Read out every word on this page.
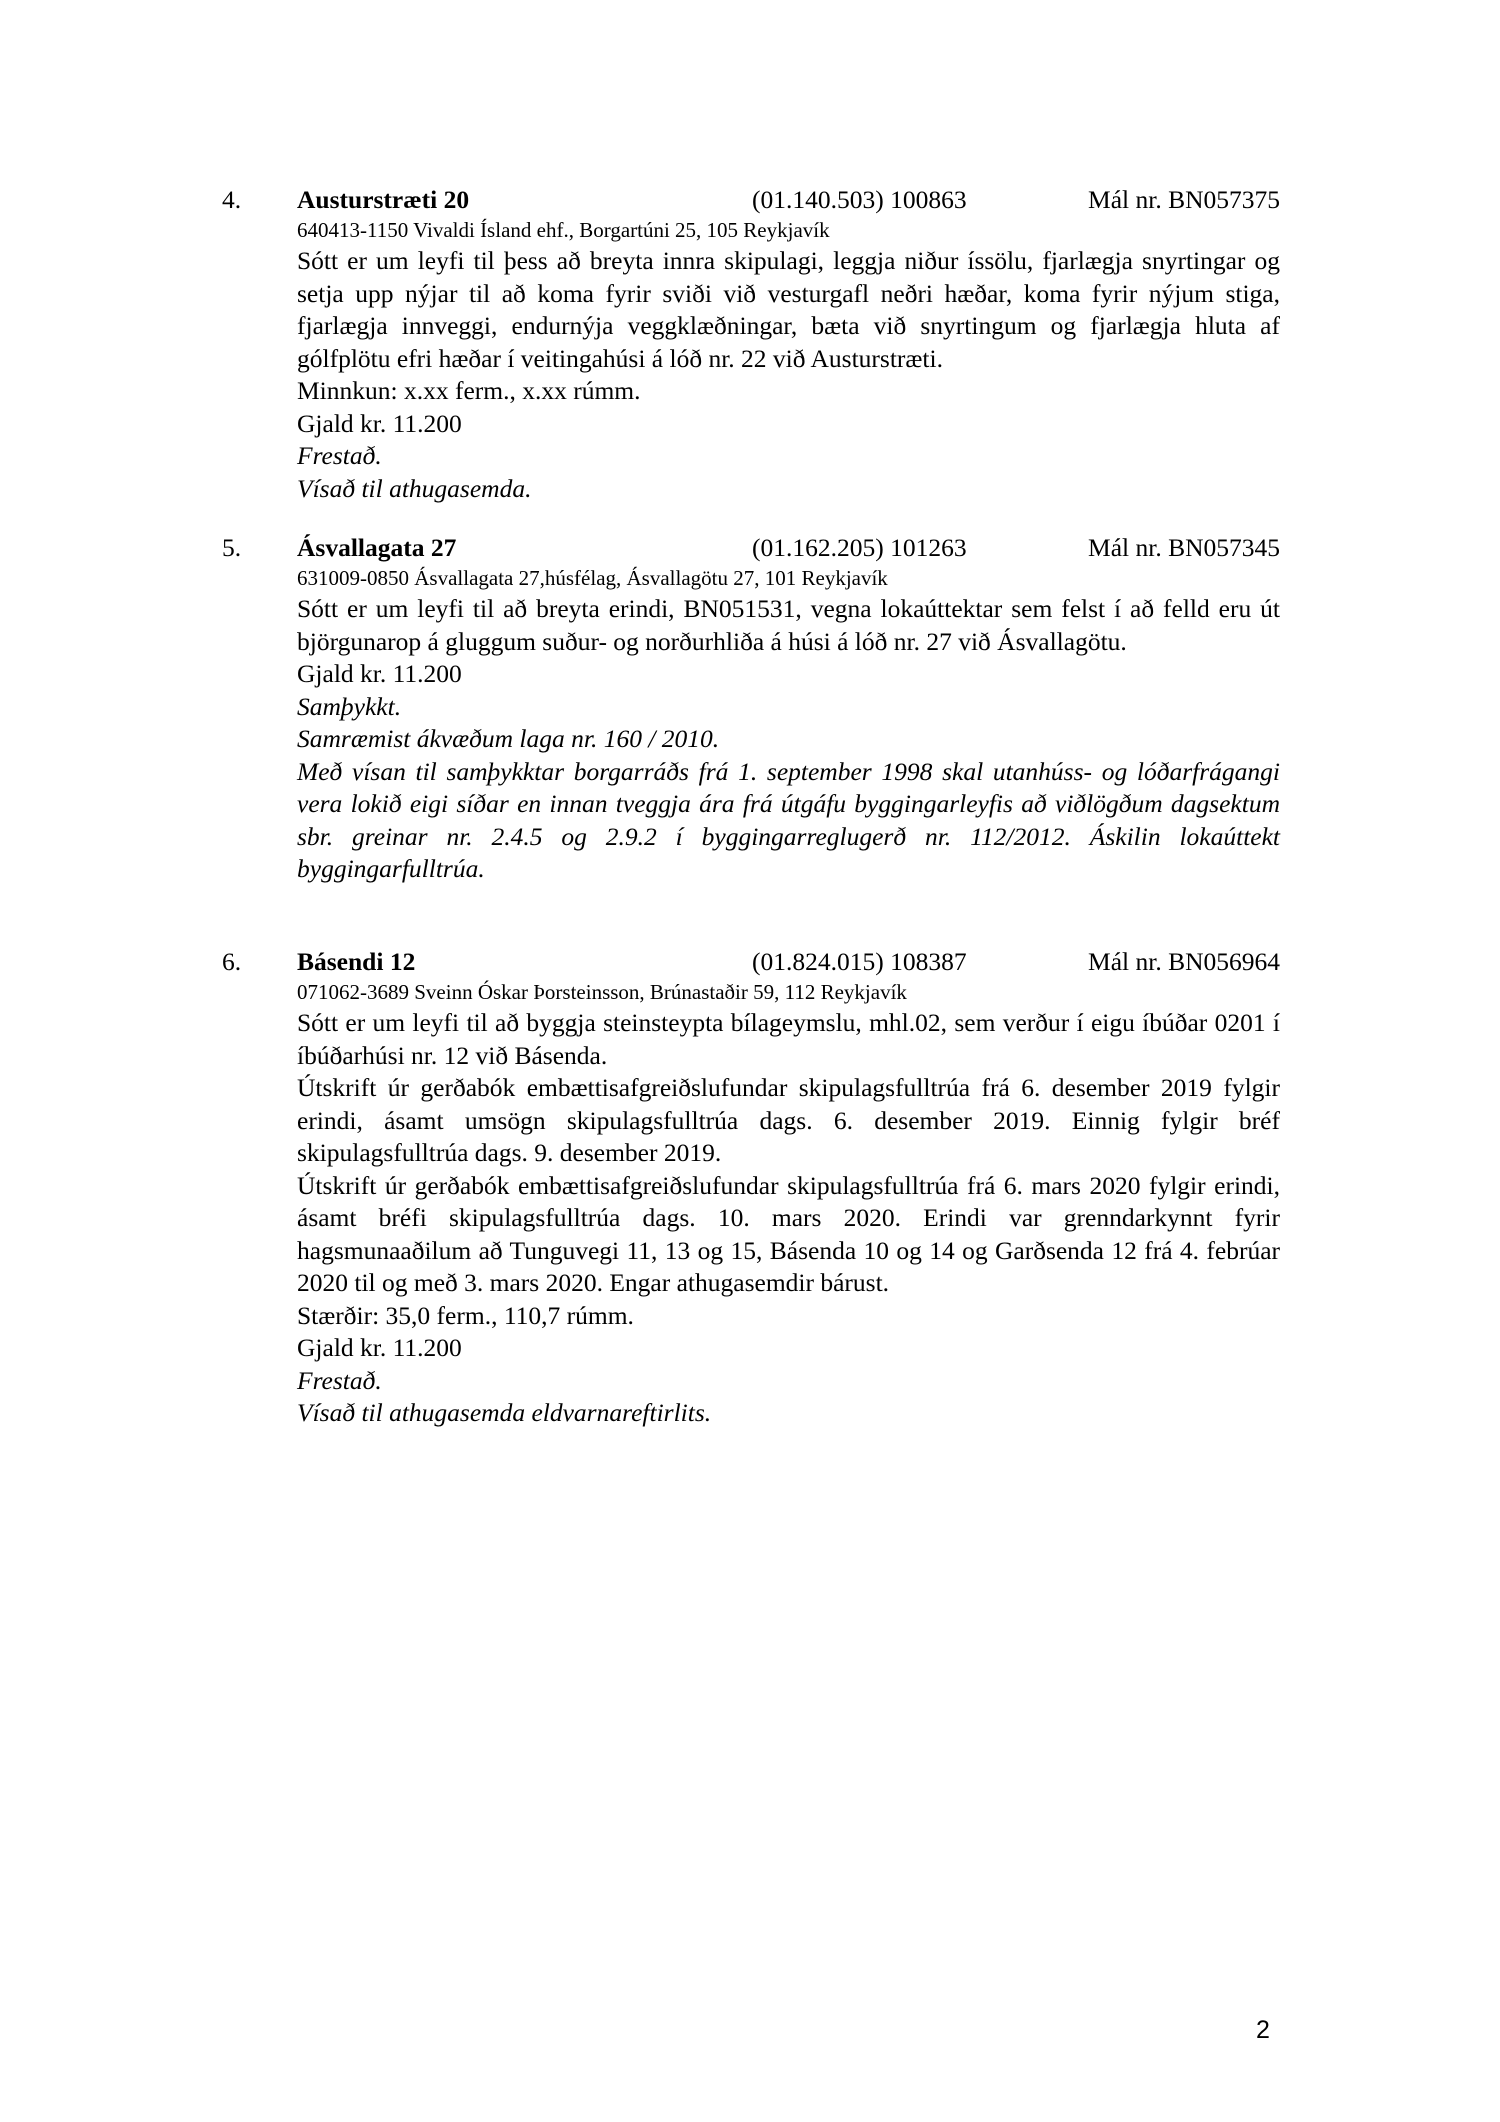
4. Austurstræti 20	(01.140.503) 100863	Mál nr. BN057375
640413-1150 Vivaldi Ísland ehf., Borgartúni 25, 105 Reykjavík

Sótt er um leyfi til þess að breyta innra skipulagi, leggja niður íssölu, fjarlægja snyrtingar og setja upp nýjar til að koma fyrir sviði við vesturgafl neðri hæðar, koma fyrir nýjum stiga, fjarlægja innveggi, endurnýja veggklæðningar, bæta við snyrtingum og fjarlægja hluta af gólfplötu efri hæðar í veitingahúsi á lóð nr. 22 við Austurstræti.

Minnkun: x.xx ferm., x.xx rúmm.

Gjald kr. 11.200

Frestað.

Vísað til athugasemda.

5. Ásvallagata 27	(01.162.205) 101263	Mál nr. BN057345
631009-0850 Ásvallagata 27,húsfélag, Ásvallagötu 27, 101 Reykjavík

Sótt er um leyfi til að breyta erindi, BN051531, vegna lokaúttektar sem felst í að felld eru út björgunarop á gluggum suður- og norðurhliða á húsi á lóð nr. 27 við Ásvallagötu.

Gjald kr. 11.200

Samþykkt.

Samræmist ákvæðum laga nr. 160 / 2010.

Með vísan til samþykktar borgarráðs frá 1. september 1998 skal utanhúss- og lóðarfrágangi vera lokið eigi síðar en innan tveggja ára frá útgáfu byggingarleyfis að viðlögðum dagsektum sbr. greinar nr. 2.4.5 og 2.9.2 í byggingarreglugerð nr. 112/2012. Áskilin lokaúttekt byggingarfulltrúa.

6. Básendi 12	(01.824.015) 108387	Mál nr. BN056964
071062-3689 Sveinn Óskar Þorsteinsson, Brúnastaðir 59, 112 Reykjavík

Sótt er um leyfi til að byggja steinsteypta bílageymslu, mhl.02, sem verður í eigu íbúðar 0201 í íbúðarhúsi nr. 12 við Básenda.

Útskrift úr gerðabók embættisafgreiðslufundar skipulagsfulltrúa frá 6. desember 2019 fylgir erindi, ásamt umsögn skipulagsfulltrúa dags. 6. desember 2019. Einnig fylgir bréf skipulagsfulltrúa dags. 9. desember 2019.

Útskrift úr gerðabók embættisafgreiðslufundar skipulagsfulltrúa frá 6. mars 2020 fylgir erindi, ásamt bréfi skipulagsfulltrúa dags. 10. mars 2020. Erindi var grenndarkynnt fyrir hagsmunaaðilum að Tunguvegi 11, 13 og 15, Básenda 10 og 14 og Garðsenda 12 frá 4. febrúar 2020 til og með 3. mars 2020. Engar athugasemdir bárust.

Stærðir: 35,0 ferm., 110,7 rúmm.

Gjald kr. 11.200

Frestað.

Vísað til athugasemda eldvarnareftirlits.

2
